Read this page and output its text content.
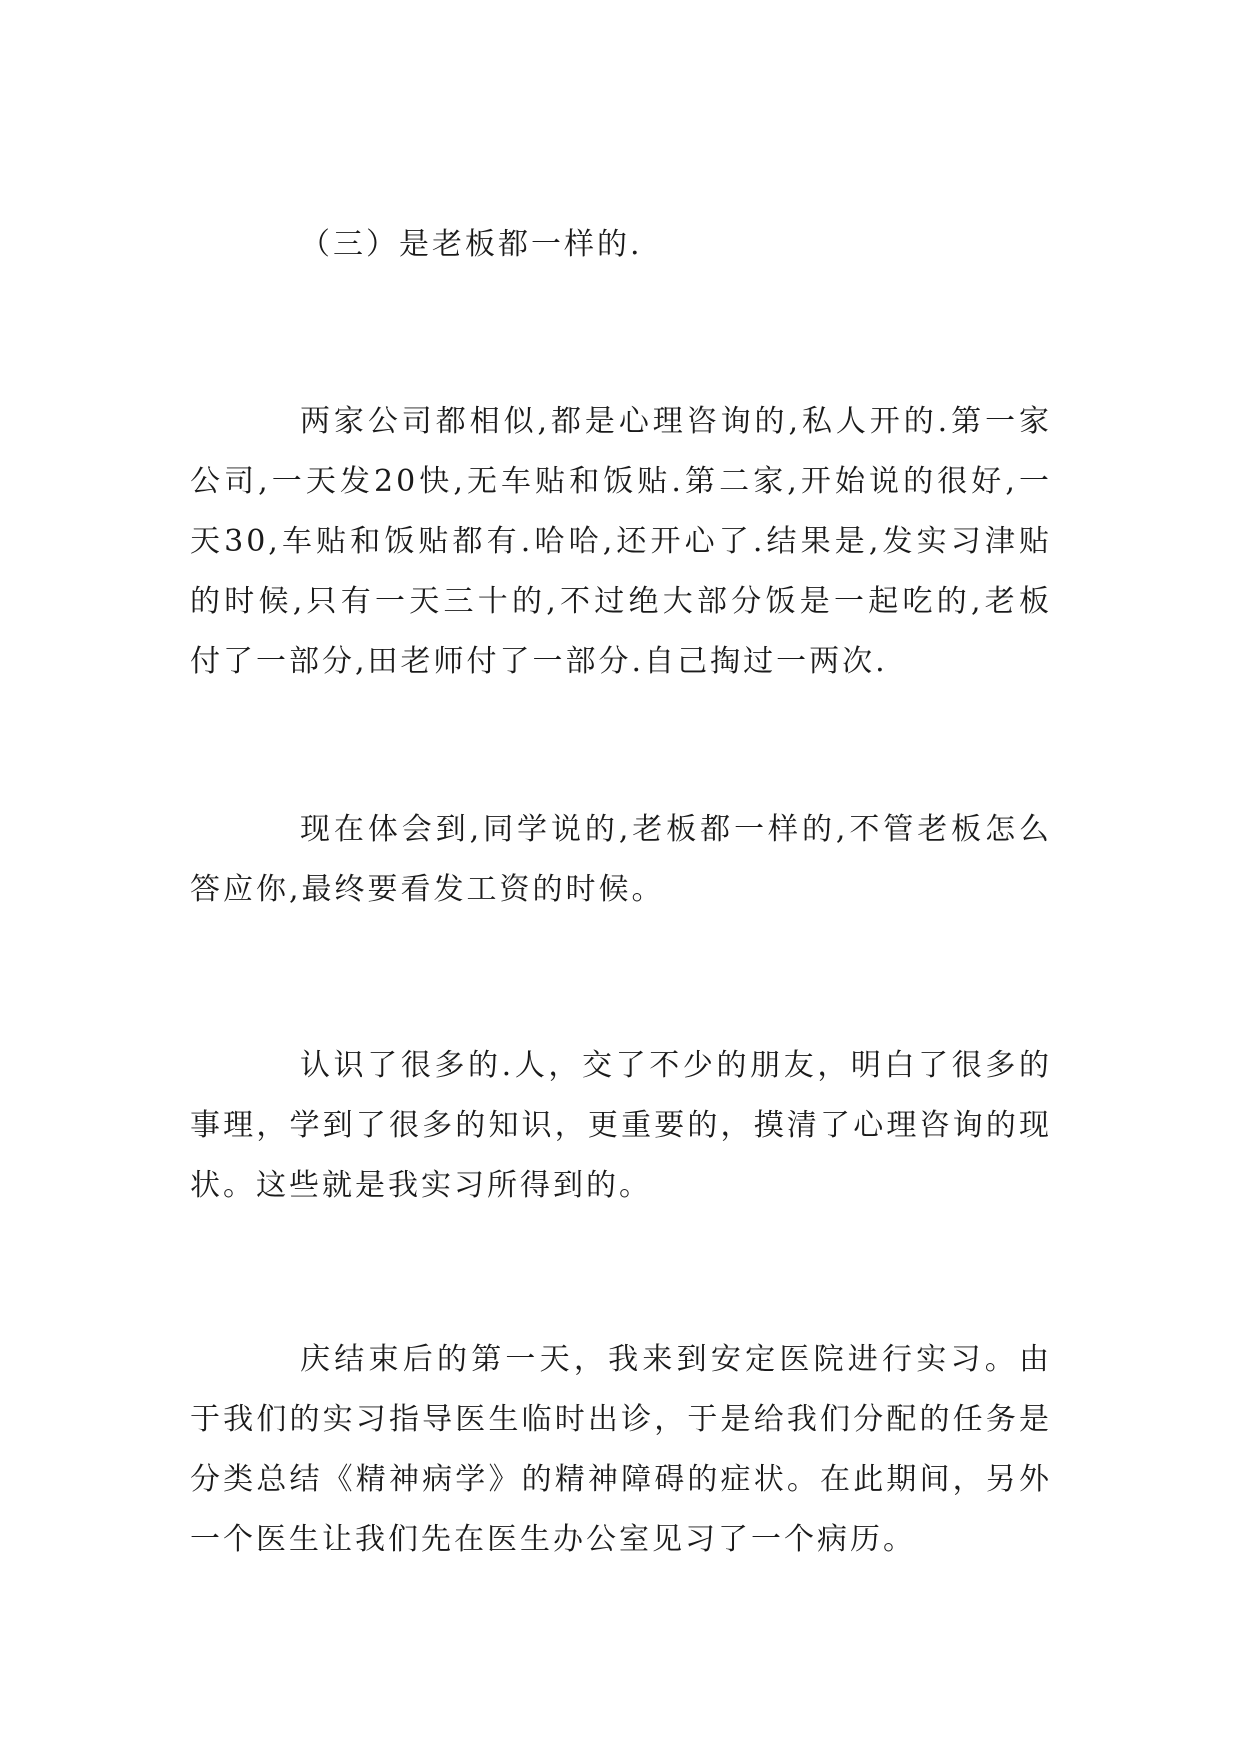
（三）是老板都一样的.

两家公司都相似,都是心理咨询的,私人开的.第一家公司,一天发20快,无车贴和饭贴.第二家,开始说的很好,一天30,车贴和饭贴都有.哈哈,还开心了.结果是,发实习津贴的时候,只有一天三十的,不过绝大部分饭是一起吃的,老板付了一部分,田老师付了一部分.自己掏过一两次.

现在体会到,同学说的,老板都一样的,不管老板怎么答应你,最终要看发工资的时候。

认识了很多的.人，交了不少的朋友，明白了很多的事理，学到了很多的知识，更重要的，摸清了心理咨询的现状。这些就是我实习所得到的。

庆结束后的第一天，我来到安定医院进行实习。由于我们的实习指导医生临时出诊，于是给我们分配的任务是分类总结《精神病学》的精神障碍的症状。在此期间，另外一个医生让我们先在医生办公室见习了一个病历。
